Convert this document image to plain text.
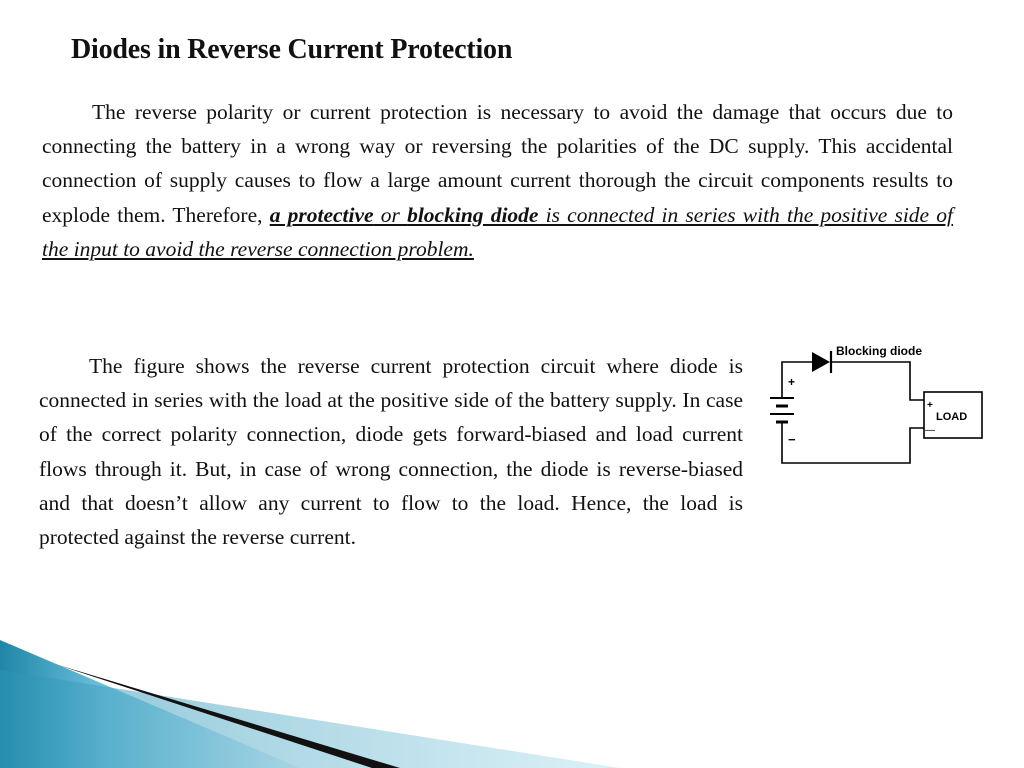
Diodes in Reverse Current Protection

The reverse polarity or current protection is necessary to avoid the damage that occurs due to connecting the battery in a wrong way or reversing the polarities of the DC supply. This accidental connection of supply causes to flow a large amount current thorough the circuit components results to explode them. Therefore, a protective or blocking diode is connected in series with the positive side of the input to avoid the reverse connection problem.

The figure shows the reverse current protection circuit where diode is connected in series with the load at the positive side of the battery supply. In case of the correct polarity connection, diode gets forward-biased and load current flows through it. But, in case of wrong connection, the diode is reverse-biased and that doesn’t allow any current to flow to the load. Hence, the load is protected against the reverse current.

+
−
LOAD
+
—
Blocking diode
